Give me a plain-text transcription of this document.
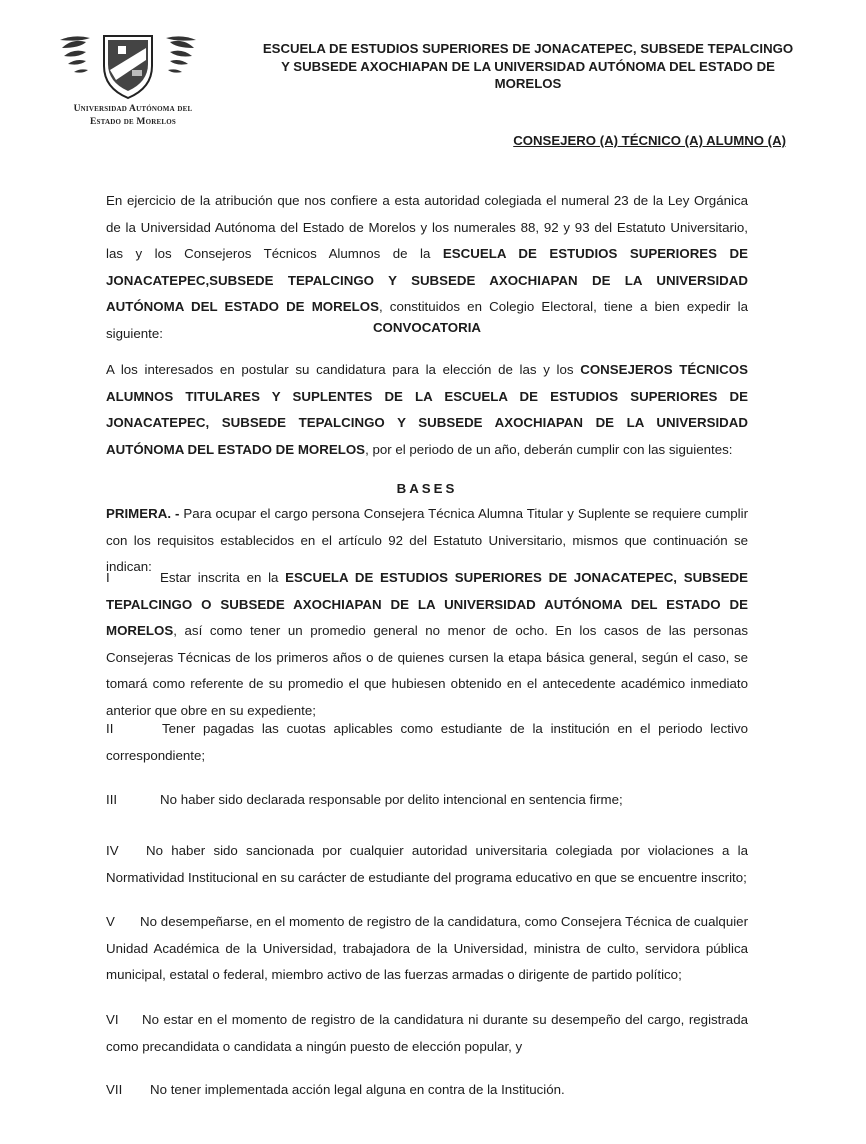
Universidad Autónoma del
Estado de Morelos
ESCUELA DE ESTUDIOS SUPERIORES DE JONACATEPEC, SUBSEDE TEPALCINGO Y SUBSEDE AXOCHIAPAN DE LA UNIVERSIDAD AUTÓNOMA DEL ESTADO DE MORELOS
CONSEJERO (A) TÉCNICO (A) ALUMNO (A)
En ejercicio de la atribución que nos confiere a esta autoridad colegiada el numeral 23 de la Ley Orgánica de la Universidad Autónoma del Estado de Morelos y los numerales 88, 92 y 93 del Estatuto Universitario, las y los Consejeros Técnicos Alumnos de la ESCUELA DE ESTUDIOS SUPERIORES DE JONACATEPEC,SUBSEDE TEPALCINGO Y SUBSEDE AXOCHIAPAN DE LA UNIVERSIDAD AUTÓNOMA DEL ESTADO DE MORELOS, constituidos en Colegio Electoral, tiene a bien expedir la siguiente:	CONVOCATORIA
A los interesados en postular su candidatura para la elección de las y los CONSEJEROS TÉCNICOS ALUMNOS TITULARES Y SUPLENTES DE LA ESCUELA DE ESTUDIOS SUPERIORES DE JONACATEPEC, SUBSEDE TEPALCINGO Y SUBSEDE AXOCHIAPAN DE LA UNIVERSIDAD AUTÓNOMA DEL ESTADO DE MORELOS, por el periodo de un año, deberán cumplir con las siguientes:
BASES
PRIMERA. - Para ocupar el cargo persona Consejera Técnica Alumna Titular y Suplente se requiere cumplir con los requisitos establecidos en el artículo 92 del Estatuto Universitario, mismos que continuación se indican:
I	Estar inscrita en la ESCUELA DE ESTUDIOS SUPERIORES DE JONACATEPEC, SUBSEDE TEPALCINGO O SUBSEDE AXOCHIAPAN DE LA UNIVERSIDAD AUTÓNOMA DEL ESTADO DE MORELOS, así como tener un promedio general no menor de ocho. En los casos de las personas Consejeras Técnicas de los primeros años o de quienes cursen la etapa básica general, según el caso, se tomará como referente de su promedio el que hubiesen obtenido en el antecedente académico inmediato anterior que obre en su expediente;
II	Tener pagadas las cuotas aplicables como estudiante de la institución en el periodo lectivo correspondiente;
III	No haber sido declarada responsable por delito intencional en sentencia firme;
IV No haber sido sancionada por cualquier autoridad universitaria colegiada por violaciones a la Normatividad Institucional en su carácter de estudiante del programa educativo en que se encuentre inscrito;
V No desempeñarse, en el momento de registro de la candidatura, como Consejera Técnica de cualquier Unidad Académica de la Universidad, trabajadora de la Universidad, ministra de culto, servidora pública municipal, estatal o federal, miembro activo de las fuerzas armadas o dirigente de partido político;
VI No estar en el momento de registro de la candidatura ni durante su desempeño del cargo, registrada como precandidata o candidata a ningún puesto de elección popular, y
VII No tener implementada acción legal alguna en contra de la Institución.
